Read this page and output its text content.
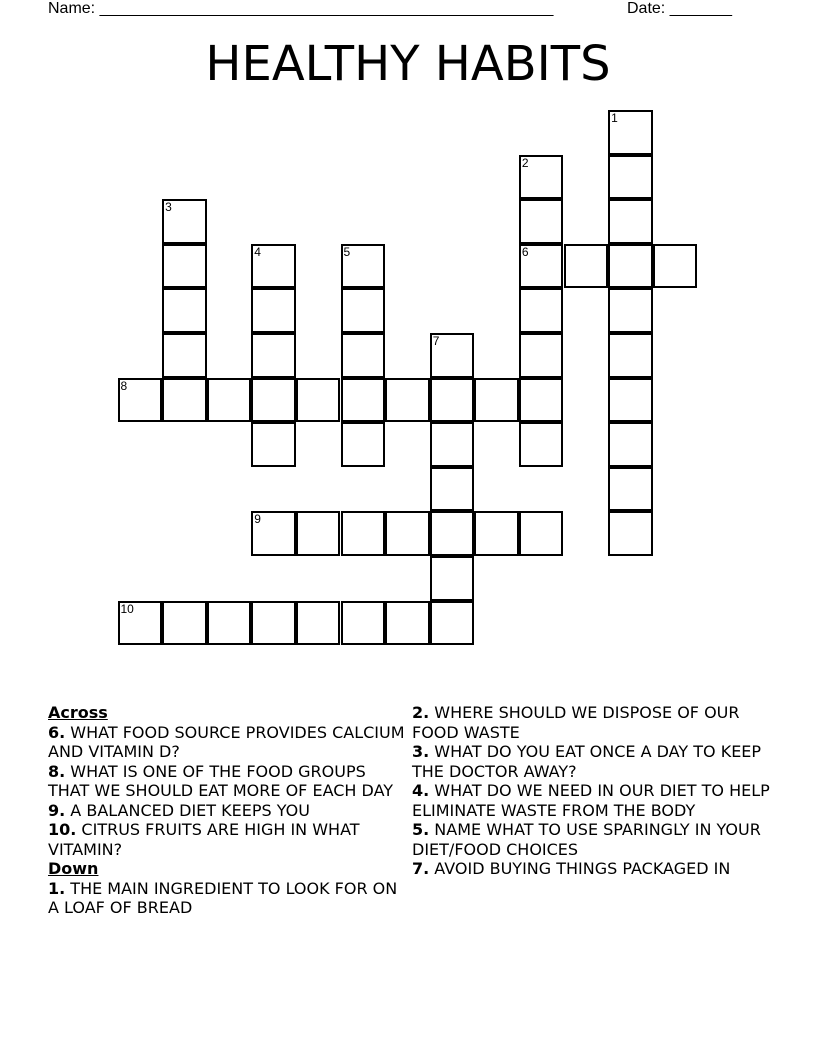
Name: ___________________________________________________	Date: _______
HEALTHY HABITS
1
2
3
4	5	6
7
8
9
10
Across
6. WHAT FOOD SOURCE PROVIDES CALCIUM AND VITAMIN D?
8. WHAT IS ONE OF THE FOOD GROUPS THAT WE SHOULD EAT MORE OF EACH DAY
9. A BALANCED DIET KEEPS YOU
10. CITRUS FRUITS ARE HIGH IN WHAT VITAMIN?
Down
1. THE MAIN INGREDIENT TO LOOK FOR ON A LOAF OF BREAD
2. WHERE SHOULD WE DISPOSE OF OUR FOOD WASTE
3. WHAT DO YOU EAT ONCE A DAY TO KEEP THE DOCTOR AWAY?
4. WHAT DO WE NEED IN OUR DIET TO HELP ELIMINATE WASTE FROM THE BODY
5. NAME WHAT TO USE SPARINGLY IN YOUR DIET/FOOD CHOICES
7. AVOID BUYING THINGS PACKAGED IN
